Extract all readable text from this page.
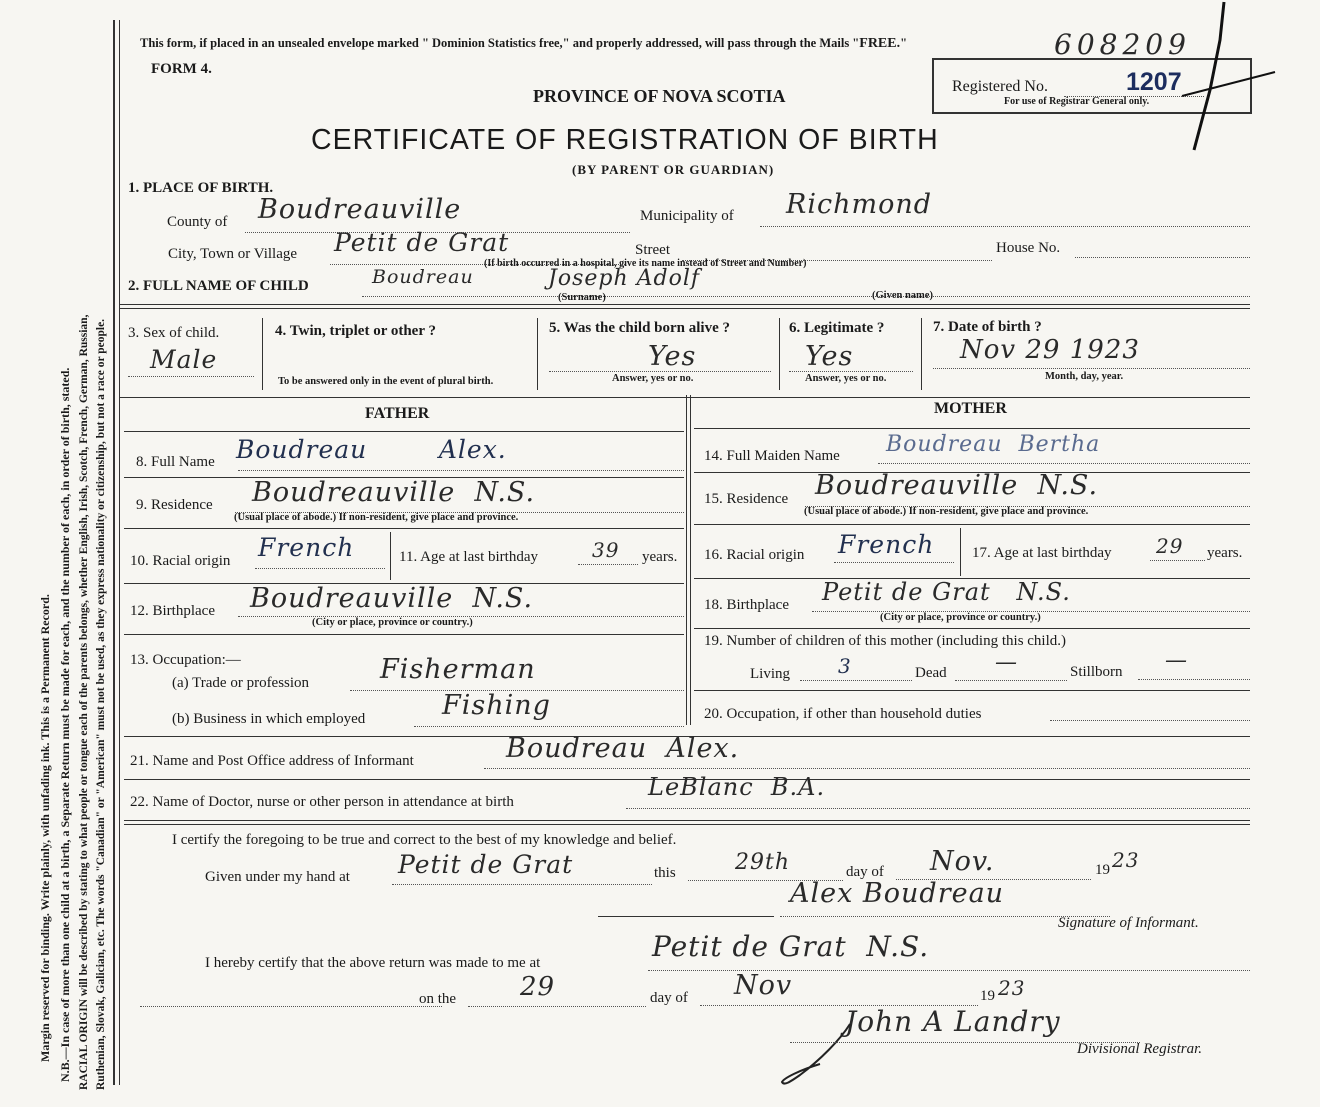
Margin reserved for binding. Write plainly, with unfading ink. This is a Permanent Record. N.B.—In case of more than one child at a birth, a Separate Return must be made for each, and the number of each, in order of birth, stated. RACIAL ORIGIN will be described by stating to what people or tongue each of the parents belongs, whether English, Irish, Scotch, French, German, Russian, Ruthenian, Slovak, Galician, etc. The words "Canadian" or "American" must not be used, as they express nationality or citizenship, but not a race or people.
This form, if placed in an unsealed envelope marked " Dominion Statistics free," and properly addressed, will pass through the Mails "FREE."	608209
FORM 4.
PROVINCE OF NOVA SCOTIA	Registered No.	1207
For use of Registrar General only.
CERTIFICATE OF REGISTRATION OF BIRTH
(BY PARENT OR GUARDIAN)
1. PLACE OF BIRTH.
County of Boudreauville	Municipality of Richmond
City, Town or Village Petit de Grat	Street	House No.
(If birth occurred in a hospital, give its name instead of Street and Number)
2. FULL NAME OF CHILD	Boudreau	Joseph Adolf
(Surname)	(Given name)
3. Sex of child.
Male
4. Twin, triplet or other ?
To be answered only in the event of plural birth.
5. Was the child born alive ?
Yes
Answer, yes or no.
6. Legitimate ?
Yes
Answer, yes or no.
7. Date of birth ?
Nov 29 1923
Month, day, year.
FATHER	MOTHER
8. Full Name Boudreau        Alex.
9. Residence Boudreauville  N.S.
(Usual place of abode.) If non-resident, give place and province.
10. Racial origin French	11. Age at last birthday	39 years.
12. Birthplace Boudreauville  N.S.
(City or place, province or country.)
13. Occupation:—
(a) Trade or profession	Fisherman
(b) Business in which employed	Fishing
14. Full Maiden Name Boudreau  Bertha
15. Residence Boudreauville  N.S.
(Usual place of abode.) If non-resident, give place and province.
16. Racial origin French	17. Age at last birthday 29 years.
18. Birthplace Petit de Grat   N.S.
(City or place, province or country.)
19. Number of children of this mother (including this child.)
Living 3	Dead —	Stillborn —
20. Occupation, if other than household duties
21. Name and Post Office address of Informant	Boudreau  Alex.
22. Name of Doctor, nurse or other person in attendance at birth
LeBlanc  B.A.
I certify the foregoing to be true and correct to the best of my knowledge and belief.
Given under my hand at Petit de Grat	this	29th	day of Nov.	19 23
Alex Boudreau
Signature of Informant.
I hereby certify that the above return was made to me at	Petit de Grat  N.S.
on the 29	day of Nov	19 23
John A Landry
Divisional Registrar.
